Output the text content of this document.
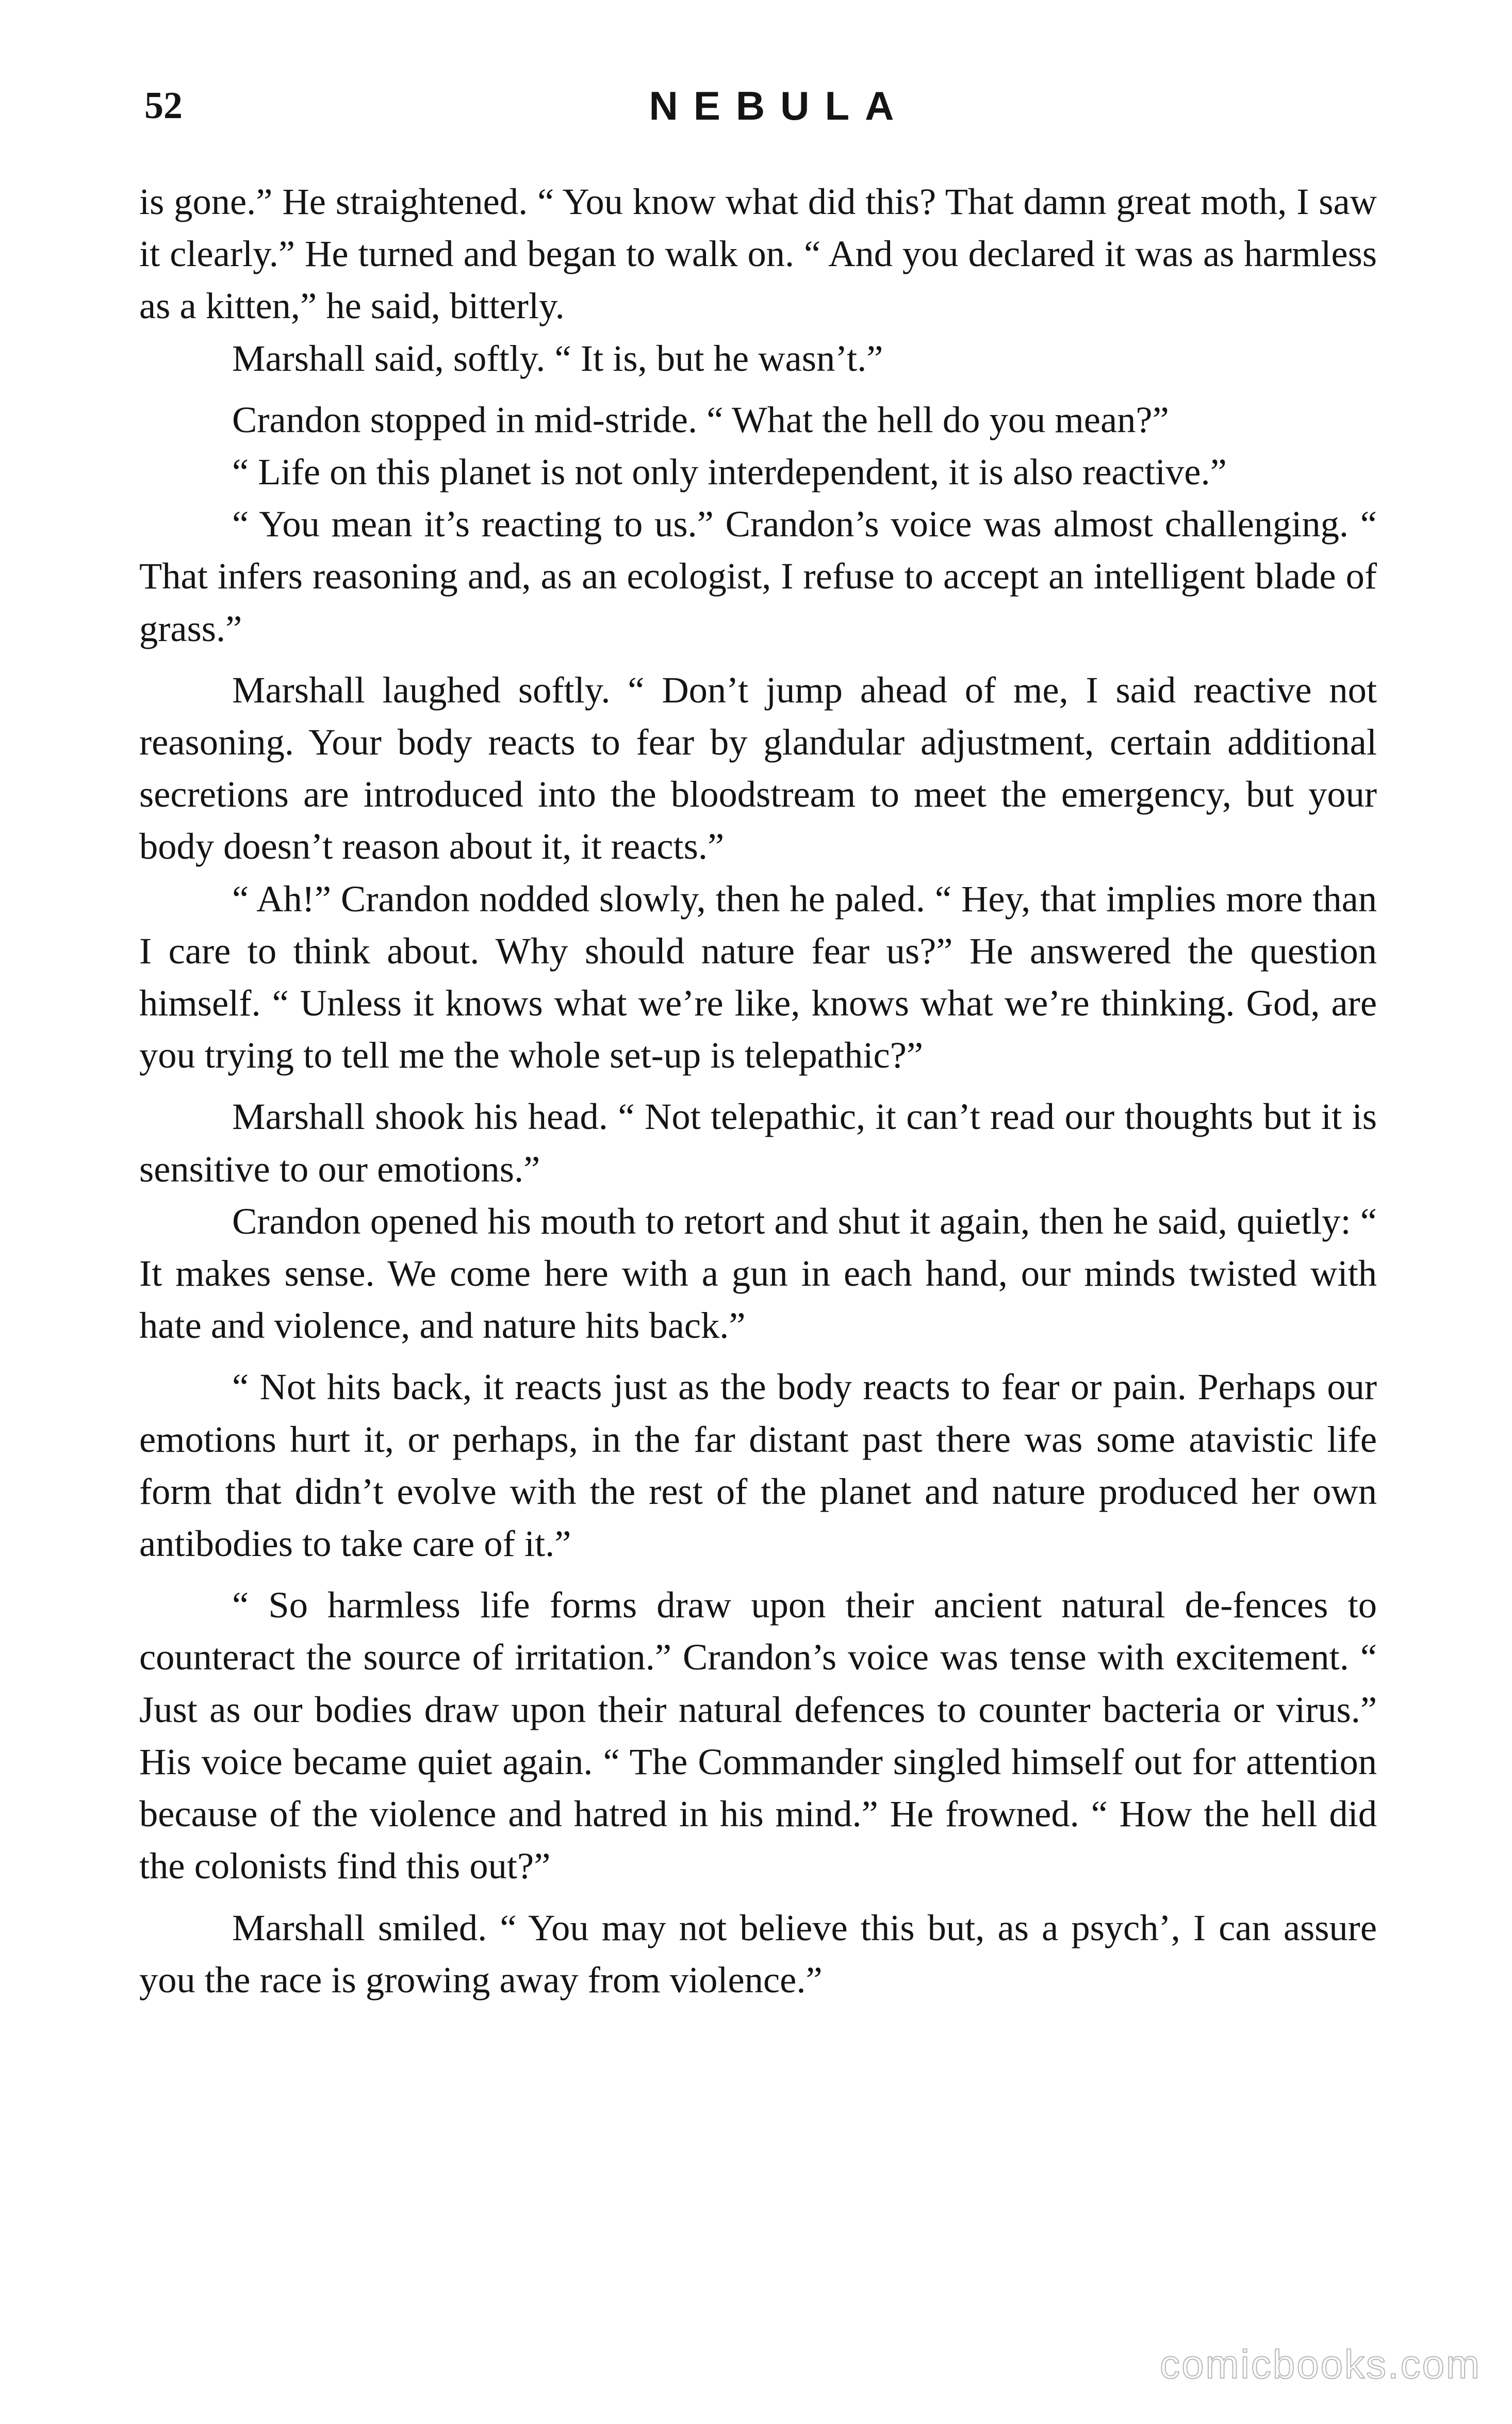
52	NEBULA

is gone.” He straightened. “ You know what did this? That damn great moth, I saw it clearly.” He turned and began to walk on. “ And you declared it was as harmless as a kitten,” he said, bitterly.

Marshall said, softly. “ It is, but he wasn’t.”

Crandon stopped in mid-stride. “ What the hell do you mean?”

“ Life on this planet is not only interdependent, it is also reactive.”

“ You mean it’s reacting to us.” Crandon’s voice was almost challenging. “ That infers reasoning and, as an ecologist, I refuse to accept an intelligent blade of grass.”

Marshall laughed softly. “ Don’t jump ahead of me, I said reactive not reasoning. Your body reacts to fear by glandular adjustment, certain additional secretions are introduced into the bloodstream to meet the emergency, but your body doesn’t reason about it, it reacts.”

“ Ah!” Crandon nodded slowly, then he paled. “ Hey, that implies more than I care to think about. Why should nature fear us?” He answered the question himself. “ Unless it knows what we’re like, knows what we’re thinking. God, are you trying to tell me the whole set-up is telepathic?”

Marshall shook his head. “ Not telepathic, it can’t read our thoughts but it is sensitive to our emotions.”

Crandon opened his mouth to retort and shut it again, then he said, quietly: “ It makes sense. We come here with a gun in each hand, our minds twisted with hate and violence, and nature hits back.”

“ Not hits back, it reacts just as the body reacts to fear or pain. Perhaps our emotions hurt it, or perhaps, in the far distant past there was some atavistic life form that didn’t evolve with the rest of the planet and nature produced her own antibodies to take care of it.”

“ So harmless life forms draw upon their ancient natural de-fences to counteract the source of irritation.” Crandon’s voice was tense with excitement. “ Just as our bodies draw upon their natural defences to counter bacteria or virus.” His voice became quiet again. “ The Commander singled himself out for attention because of the violence and hatred in his mind.” He frowned. “ How the hell did the colonists find this out?”

Marshall smiled. “ You may not believe this but, as a psych’, I can assure you the race is growing away from violence.”

comicbooks.com
